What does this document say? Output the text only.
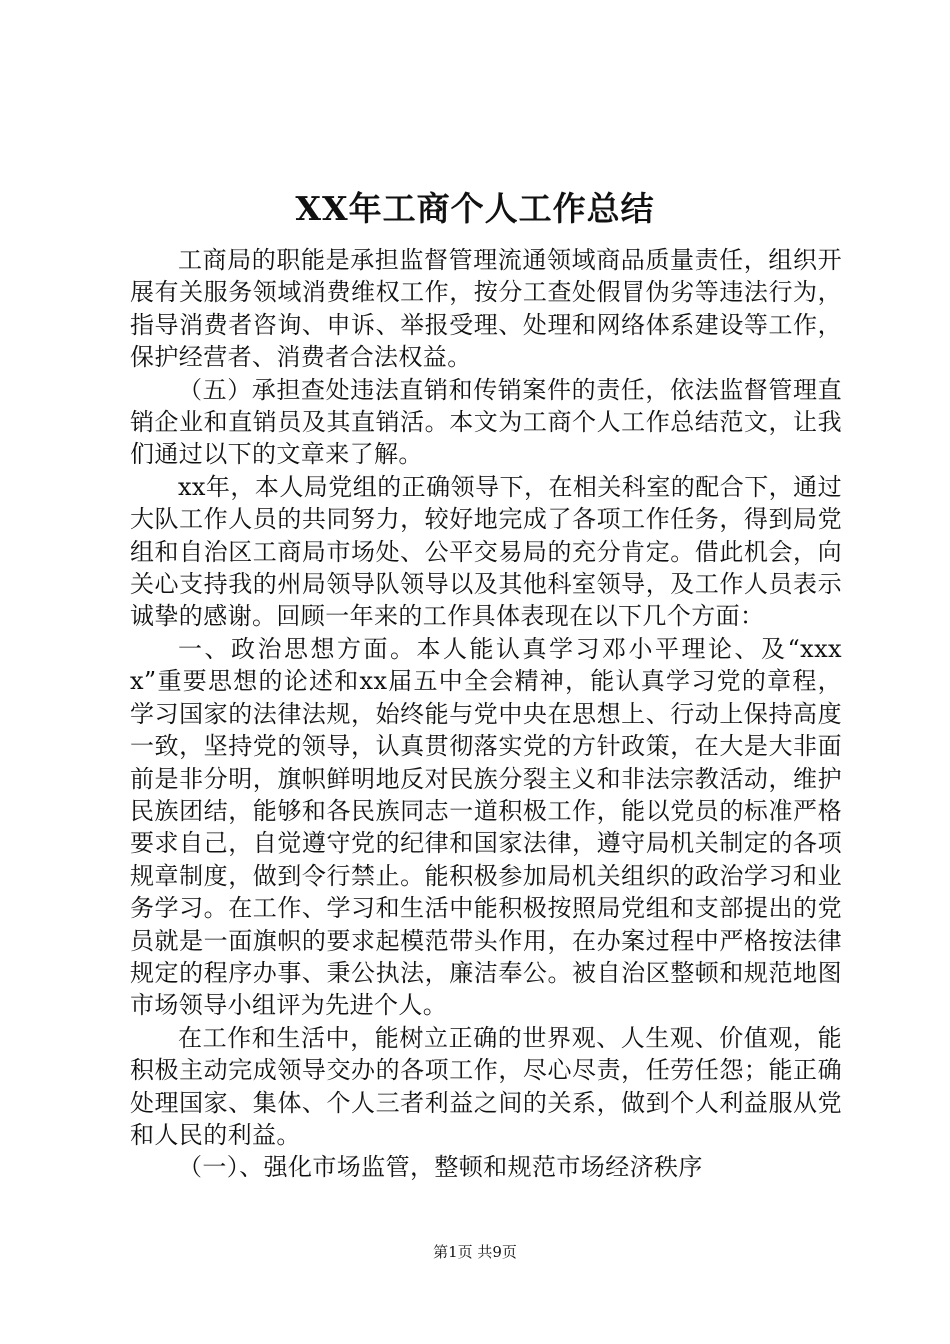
XX年工商个人工作总结

工商局的职能是承担监督管理流通领域商品质量责任，组织开展有关服务领域消费维权工作，按分工查处假冒伪劣等违法行为，指导消费者咨询、申诉、举报受理、处理和网络体系建设等工作，保护经营者、消费者合法权益。

（五）承担查处违法直销和传销案件的责任，依法监督管理直销企业和直销员及其直销活。本文为工商个人工作总结范文，让我们通过以下的文章来了解。

xx年，本人局党组的正确领导下，在相关科室的配合下，通过大队工作人员的共同努力，较好地完成了各项工作任务，得到局党组和自治区工商局市场处、公平交易局的充分肯定。借此机会，向关心支持我的州局领导队领导以及其他科室领导，及工作人员表示诚挚的感谢。回顾一年来的工作具体表现在以下几个方面：

一、政治思想方面。本人能认真学习邓小平理论、及“xxxx”重要思想的论述和xx届五中全会精神，能认真学习党的章程，学习国家的法律法规，始终能与党中央在思想上、行动上保持高度一致，坚持党的领导，认真贯彻落实党的方针政策，在大是大非面前是非分明，旗帜鲜明地反对民族分裂主义和非法宗教活动，维护民族团结，能够和各民族同志一道积极工作，能以党员的标准严格要求自己，自觉遵守党的纪律和国家法律，遵守局机关制定的各项规章制度，做到令行禁止。能积极参加局机关组织的政治学习和业务学习。在工作、学习和生活中能积极按照局党组和支部提出的党员就是一面旗帜的要求起模范带头作用，在办案过程中严格按法律规定的程序办事、秉公执法，廉洁奉公。被自治区整顿和规范地图市场领导小组评为先进个人。

在工作和生活中，能树立正确的世界观、人生观、价值观，能积极主动完成领导交办的各项工作，尽心尽责，任劳任怨；能正确处理国家、集体、个人三者利益之间的关系，做到个人利益服从党和人民的利益。

（一）、强化市场监管，整顿和规范市场经济秩序

第1页 共9页
